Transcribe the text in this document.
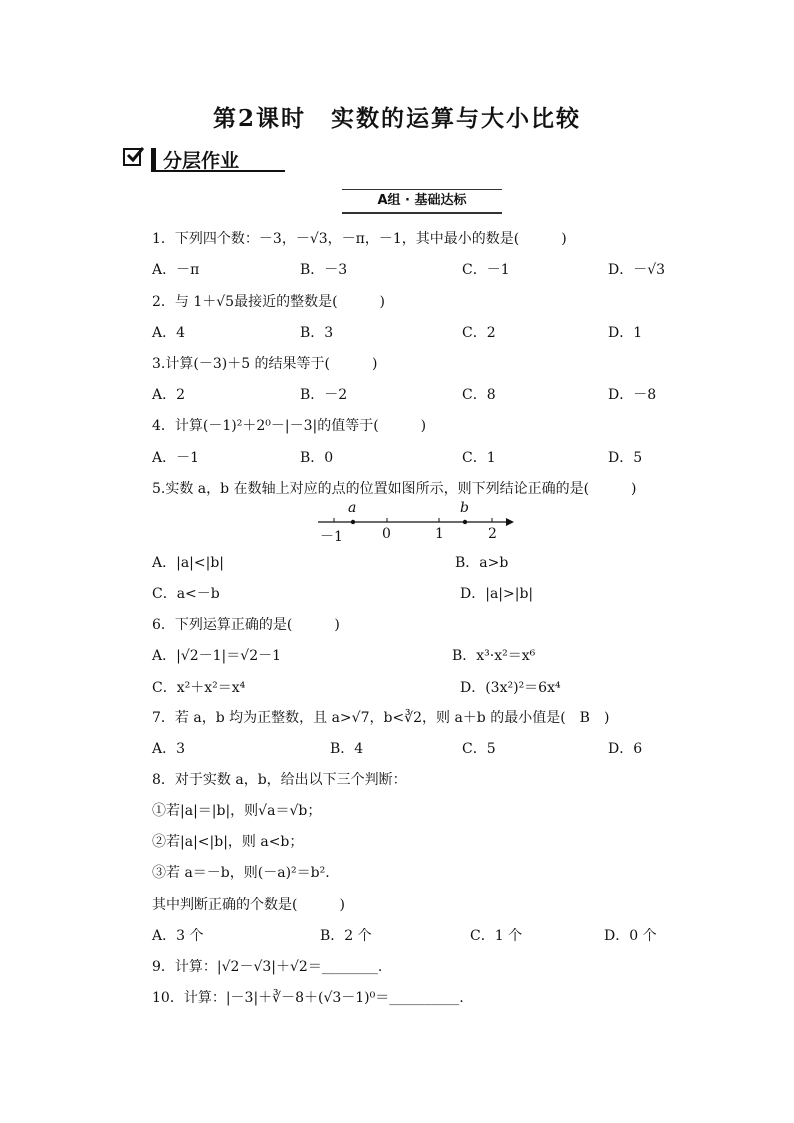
第2课时　实数的运算与大小比较
分层作业
A组 · 基础达标
1．下列四个数：－3，－√3，－π，－1，其中最小的数是(　　　)
A．－π	B．－3	C．－1	D．－√3
2．与 1＋√5最接近的整数是(　　　)
A．4	B．3	C．2	D．1
3.计算(－3)＋5 的结果等于(　　　)
A．2	B．－2	C．8	D．－8
4．计算(－1)²＋2⁰－|－3|的值等于(　　　)
A．－1	B．0	C．1	D．5
5.实数 a，b 在数轴上对应的点的位置如图所示，则下列结论正确的是(　　　)
a	b
－1	0	1	2
A．|a|<|b|	B．a>b
C．a<－b	D．|a|>|b|
6．下列运算正确的是(　　　)
A．|√2－1|＝√2－1	B．x³·x²＝x⁶
C．x²＋x²＝x⁴	D．(3x²)²＝6x⁴
7．若 a，b 均为正整数，且 a>√7，b<∛2，则 a＋b 的最小值是(　B　)
A．3	B．4	C．5	D．6
8．对于实数 a，b，给出以下三个判断：
①若|a|＝|b|，则√a＝√b；
②若|a|<|b|，则 a<b；
③若 a＝－b，则(－a)²＝b².
其中判断正确的个数是(　　　)
A．3 个	B．2 个	C．1 个	D．0 个
9．计算：|√2－√3|＋√2＝________.
10．计算：|－3|＋∛－8＋(√3－1)⁰＝__________.
